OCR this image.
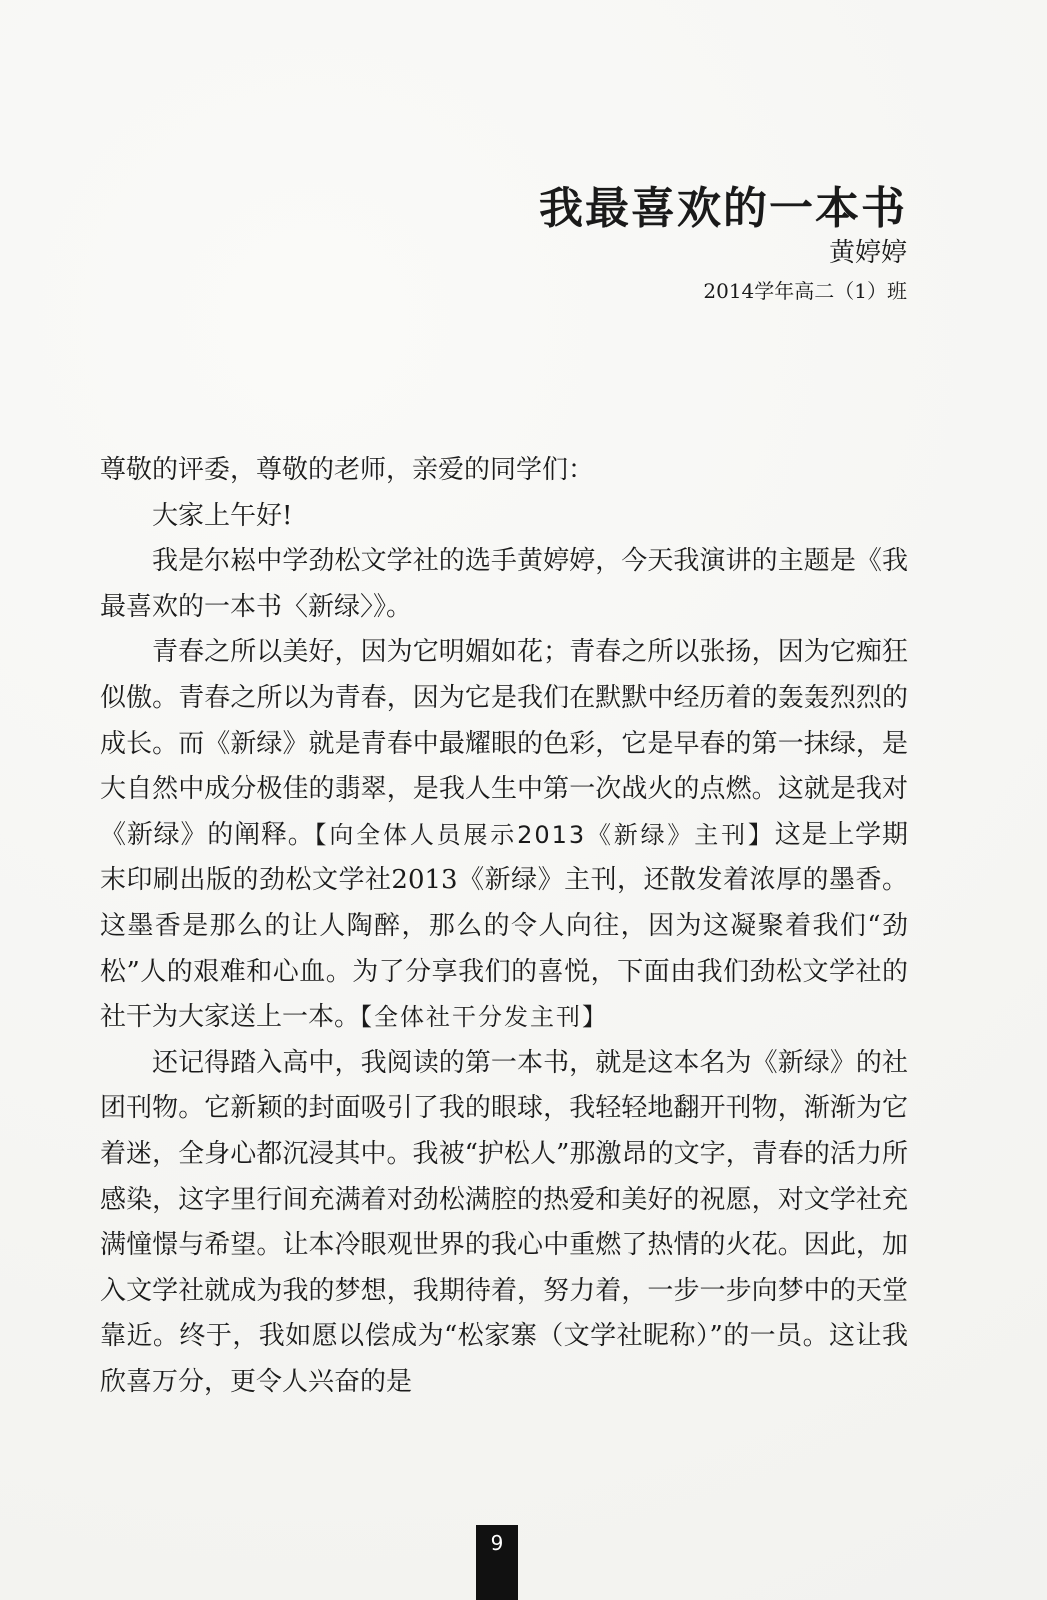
我最喜欢的一本书
黄婷婷
2014学年高二（1）班

尊敬的评委，尊敬的老师，亲爱的同学们：

大家上午好!

我是尔崧中学劲松文学社的选手黄婷婷，今天我演讲的主题是《我最喜欢的一本书〈新绿〉》。

青春之所以美好，因为它明媚如花；青春之所以张扬，因为它痴狂似傲。青春之所以为青春，因为它是我们在默默中经历着的轰轰烈烈的成长。而《新绿》就是青春中最耀眼的色彩，它是早春的第一抹绿，是大自然中成分极佳的翡翠，是我人生中第一次战火的点燃。这就是我对《新绿》的阐释。【向全体人员展示2013《新绿》主刊】这是上学期末印刷出版的劲松文学社2013《新绿》主刊，还散发着浓厚的墨香。这墨香是那么的让人陶醉，那么的令人向往，因为这凝聚着我们“劲松”人的艰难和心血。为了分享我们的喜悦，下面由我们劲松文学社的社干为大家送上一本。【全体社干分发主刊】

还记得踏入高中，我阅读的第一本书，就是这本名为《新绿》的社团刊物。它新颖的封面吸引了我的眼球，我轻轻地翻开刊物，渐渐为它着迷，全身心都沉浸其中。我被“护松人”那激昂的文字，青春的活力所感染，这字里行间充满着对劲松满腔的热爱和美好的祝愿，对文学社充满憧憬与希望。让本冷眼观世界的我心中重燃了热情的火花。因此，加入文学社就成为我的梦想，我期待着，努力着，一步一步向梦中的天堂靠近。终于，我如愿以偿成为“松家寨（文学社昵称）”的一员。这让我欣喜万分，更令人兴奋的是

9
